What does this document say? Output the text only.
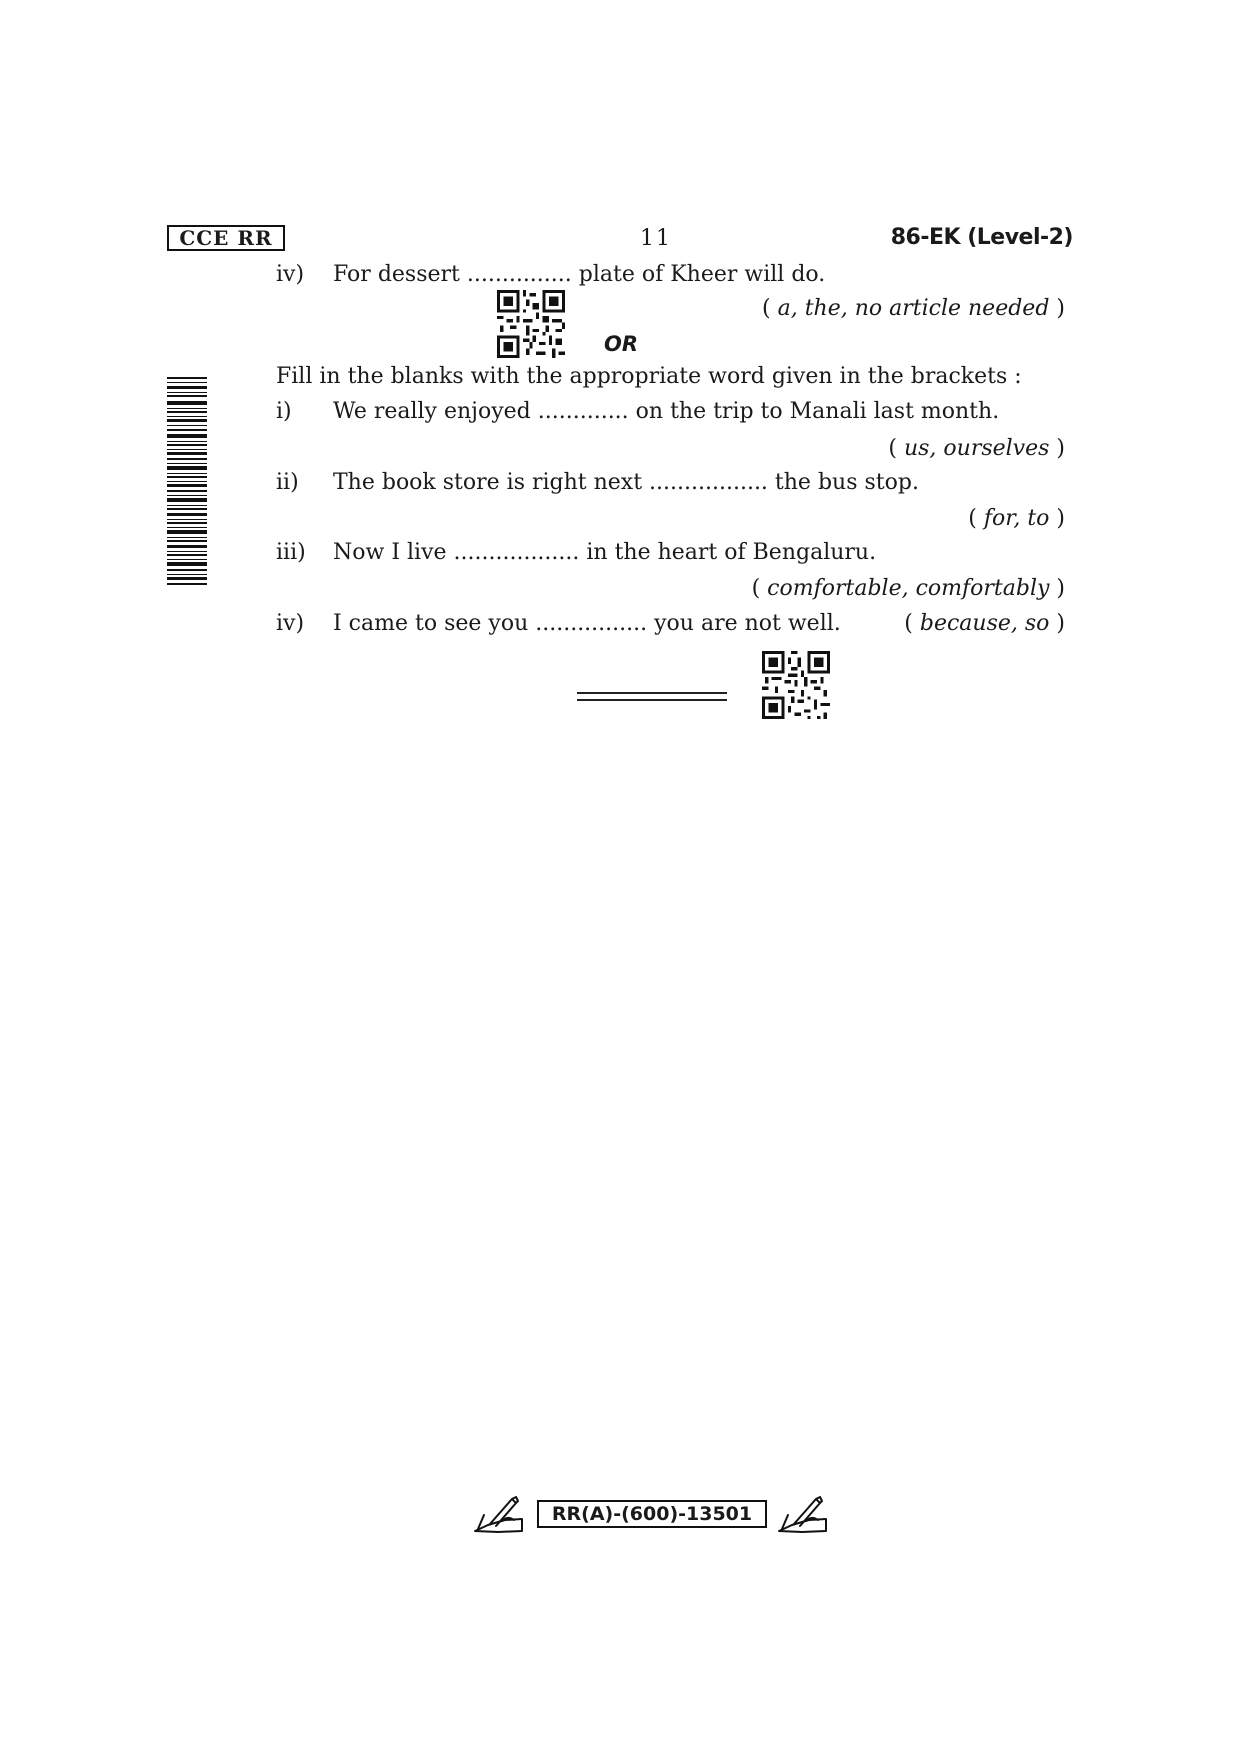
CCE RR	11	86-EK (Level-2)
iv) For dessert ............... plate of Kheer will do.
( a, the, no article needed )
OR
Fill in the blanks with the appropriate word given in the brackets :
i) We really enjoyed ............. on the trip to Manali last month.
( us, ourselves )
ii) The book store is right next ................. the bus stop.
( for, to )
iii) Now I live .................. in the heart of Bengaluru.
( comfortable, comfortably )
iv) I came to see you ................ you are not well.	( because, so )
RR(A)-(600)-13501
